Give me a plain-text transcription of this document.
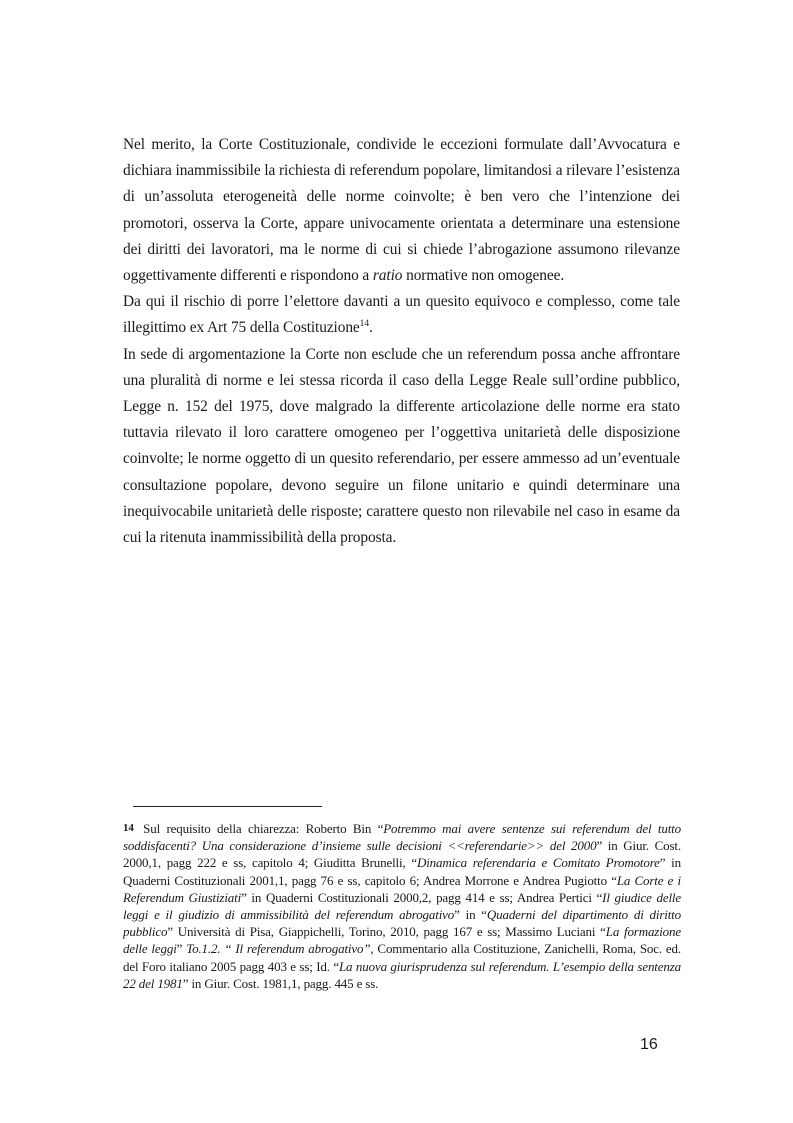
Nel merito, la Corte Costituzionale, condivide le eccezioni formulate dall’Avvocatura e dichiara inammissibile la richiesta di referendum popolare, limitandosi a rilevare l’esistenza di un’assoluta eterogeneità delle norme coinvolte; è ben vero che l’intenzione dei promotori, osserva la Corte, appare univocamente orientata a determinare una estensione dei diritti dei lavoratori, ma le norme di cui si chiede l’abrogazione assumono rilevanze oggettivamente differenti e rispondono a ratio normative non omogenee.

Da qui il rischio di porre l’elettore davanti a un quesito equivoco e complesso, come tale illegittimo ex Art 75 della Costituzione$^{14}$.

In sede di argomentazione la Corte non esclude che un referendum possa anche affrontare una pluralità di norme e lei stessa ricorda il caso della Legge Reale sull’ordine pubblico, Legge n. 152 del 1975, dove malgrado la differente articolazione delle norme era stato tuttavia rilevato il loro carattere omogeneo per l’oggettiva unitarietà delle disposizione coinvolte; le norme oggetto di un quesito referendario, per essere ammesso ad un’eventuale consultazione popolare, devono seguire un filone unitario e quindi determinare una inequivocabile unitarietà delle risposte; carattere questo non rilevabile nel caso in esame da cui la ritenuta inammissibilità della proposta.

14 Sul requisito della chiarezza: Roberto Bin “Potremmo mai avere sentenze sui referendum del tutto soddisfacenti? Una considerazione d’insieme sulle decisioni <<referendarie>> del 2000” in Giur. Cost. 2000,1, pagg 222 e ss, capitolo 4; Giuditta Brunelli, “Dinamica referendaria e Comitato Promotore” in Quaderni Costituzionali 2001,1, pagg 76 e ss, capitolo 6; Andrea Morrone e Andrea Pugiotto “La Corte e i Referendum Giustiziati” in Quaderni Costituzionali 2000,2, pagg 414 e ss; Andrea Pertici “Il giudice delle leggi e il giudizio di ammissibilità del referendum abrogativo” in “Quaderni del dipartimento di diritto pubblico” Università di Pisa, Giappichelli, Torino, 2010, pagg 167 e ss; Massimo Luciani “La formazione delle leggi” To.1.2. “ Il referendum abrogativo”, Commentario alla Costituzione, Zanichelli, Roma, Soc. ed. del Foro italiano 2005 pagg 403 e ss; Id. “La nuova giurisprudenza sul referendum. L’esempio della sentenza 22 del 1981” in Giur. Cost. 1981,1, pagg. 445 e ss.
16
